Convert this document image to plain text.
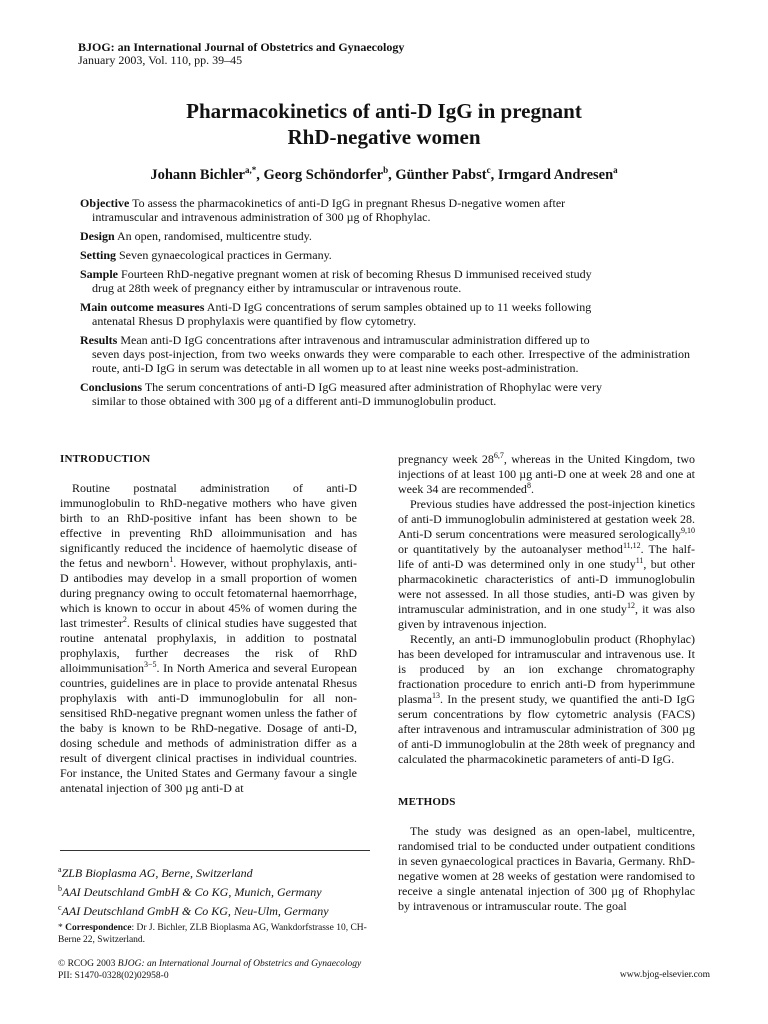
BJOG: an International Journal of Obstetrics and Gynaecology
January 2003, Vol. 110, pp. 39–45
Pharmacokinetics of anti-D IgG in pregnant
RhD-negative women
Johann Bichler$^{a,*}$, Georg Schöndorfer$^b$, Günther Pabst$^c$, Irmgard Andresen$^a$

Objective To assess the pharmacokinetics of anti-D IgG in pregnant Rhesus D-negative women after
intramuscular and intravenous administration of 300 µg of Rhophylac.

Design An open, randomised, multicentre study.

Setting Seven gynaecological practices in Germany.

Sample Fourteen RhD-negative pregnant women at risk of becoming Rhesus D immunised received study
drug at 28th week of pregnancy either by intramuscular or intravenous route.

Main outcome measures Anti-D IgG concentrations of serum samples obtained up to 11 weeks following
antenatal Rhesus D prophylaxis were quantified by flow cytometry.

Results Mean anti-D IgG concentrations after intravenous and intramuscular administration differed up to
seven days post-injection, from two weeks onwards they were comparable to each other. Irrespective of the administration route, anti-D IgG in serum was detectable in all women up to at least nine weeks post-administration.

Conclusions The serum concentrations of anti-D IgG measured after administration of Rhophylac were very
similar to those obtained with 300 µg of a different anti-D immunoglobulin product.

INTRODUCTION

Routine postnatal administration of anti-D immunoglobulin to RhD-negative mothers who have given birth to an RhD-positive infant has been shown to be effective in preventing RhD alloimmunisation and has significantly reduced the incidence of haemolytic disease of the fetus and newborn$^1$. However, without prophylaxis, anti-D antibodies may develop in a small proportion of women during pregnancy owing to occult fetomaternal haemorrhage, which is known to occur in about 45% of women during the last trimester$^2$. Results of clinical studies have suggested that routine antenatal prophylaxis, in addition to postnatal prophylaxis, further decreases the risk of RhD alloimmunisation$^{3-5}$. In North America and several European countries, guidelines are in place to provide antenatal Rhesus prophylaxis with anti-D immunoglobulin for all non-sensitised RhD-negative pregnant women unless the father of the baby is known to be RhD-negative. Dosage of anti-D, dosing schedule and methods of administration differ as a result of divergent clinical practises in individual countries. For instance, the United States and Germany favour a single antenatal injection of 300 µg anti-D at

pregnancy week 28$^{6,7}$, whereas in the United Kingdom, two injections of at least 100 µg anti-D one at week 28 and one at week 34 are recommended$^8$.

Previous studies have addressed the post-injection kinetics of anti-D immunoglobulin administered at gestation week 28. Anti-D serum concentrations were measured serologically$^{9,10}$ or quantitatively by the autoanalyser method$^{11,12}$. The half-life of anti-D was determined only in one study$^{11}$, but other pharmacokinetic characteristics of anti-D immunoglobulin were not assessed. In all those studies, anti-D was given by intramuscular administration, and in one study$^{12}$, it was also given by intravenous injection.

Recently, an anti-D immunoglobulin product (Rhophylac) has been developed for intramuscular and intravenous use. It is produced by an ion exchange chromatography fractionation procedure to enrich anti-D from hyperimmune plasma$^{13}$. In the present study, we quantified the anti-D IgG serum concentrations by flow cytometric analysis (FACS) after intravenous and intramuscular administration of 300 µg of anti-D immunoglobulin at the 28th week of pregnancy and calculated the pharmacokinetic parameters of anti-D IgG.

METHODS

The study was designed as an open-label, multicentre, randomised trial to be conducted under outpatient conditions in seven gynaecological practices in Bavaria, Germany. RhD-negative women at 28 weeks of gestation were randomised to receive a single antenatal injection of 300 µg of Rhophylac by intravenous or intramuscular route. The goal

$^a$ZLB Bioplasma AG, Berne, Switzerland
$^b$AAI Deutschland GmbH & Co KG, Munich, Germany
$^c$AAI Deutschland GmbH & Co KG, Neu-Ulm, Germany
* Correspondence: Dr J. Bichler, ZLB Bioplasma AG, Wankdorfstrasse 10, CH-Berne 22, Switzerland.
© RCOG 2003 BJOG: an International Journal of Obstetrics and Gynaecology
PII: S1470-0328(02)02958-0	www.bjog-elsevier.com
